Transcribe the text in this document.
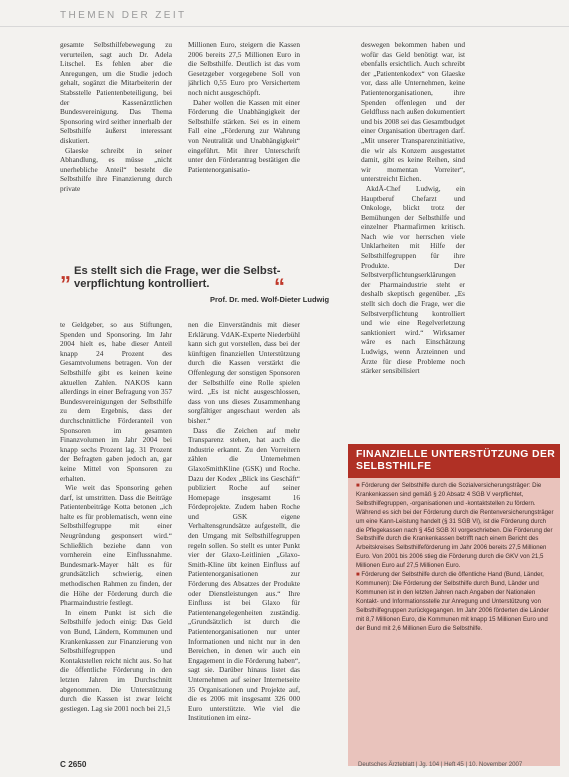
THEMEN DER ZEIT

gesamte Selbsthilfebewegung zu verurteilen, sagt auch Dr. Adela Litschel. Es fehlen aber die Anregungen, um die Studie jedoch gehalt, sogänzt die Mitarbeiterin der Stabsstelle Patientenbeteiligung, bei der Kassenärztlichen Bundesvereinigung. Das Thema Sponsoring wird seither innerhalb der Selbsthilfe äußerst interessant diskutiert.

Glaeske schreibt in seiner Abhandlung, es müsse „nicht unerhebliche Anteil“ besteht die Selbsthilfe ihre Finanzierung durch private

Millionen Euro, steigern die Kassen 2006 bereits 27,5 Millionen Euro in die Selbsthilfe. Deutlich ist das vom Gesetzgeber vorgegebene Soll von jährlich 0,55 Euro pro Versichertem noch nicht ausgeschöpft.

Daher wollen die Kassen mit einer Förderung die Unabhängigkeit der Selbsthilfe stärken. Sei es in einem Fall eine „Förderung zur Wahrung von Neutralität und Unabhängigkeit“ eingeführt. Mit ihrer Unterschrift unter den Förderantrag bestätigen die Patientenorganisatio-

deswegen bekommen haben und wofür das Geld benötigt war, ist ebenfalls ersichtlich. Auch schreibt der „Patientenkodex“ von Glaeske vor, dass alle Unternehmen, keine Patientenorganisationen, ihre Spenden offenlegen und der Geldfluss nach außen dokumentiert und bis 2008 sei das Gesamtbudget einer Organisation übertragen darf. „Mit unserer Transparenzinitiative, die wir als Konzern ausgestattet damit, gibt es keine Reihen, sind wir momentan Vorreiter“, unterstreicht Eichen.

AkdÄ-Chef Ludwig, ein Hauptberuf Chefarzt und Onkologe, blickt trotz der Bemühungen der Selbsthilfe und einzelner Pharmafirmen kritisch. Nach wie vor herrschen viele Unklarheiten mit Hilfe der Selbsthilfegruppen für ihre Produkte. Der Selbstverpflichtungserklärungen der Pharmaindustrie steht er deshalb skeptisch gegenüber. „Es stellt sich doch die Frage, wer die Selbstverpflichtung kontrolliert und wie eine Regelverletzung sanktioniert wird.“ Wirksamer wäre es nach Einschätzung Ludwigs, wenn Ärzteinnen und Ärzte für diese Probleme noch stärker sensibilisiert

„ Es stellt sich die Frage, wer die Selbst-verpflichtung kontrolliert.	“
Prof. Dr. med. Wolf-Dieter Ludwig

te Geldgeber, so aus Stiftungen, Spenden und Sponsoring. Im Jahr 2004 hielt es, habe dieser Anteil knapp 24 Prozent des Gesamtvolumens betragen. Von der Selbsthilfe gibt es keinen keine aktuellen Zahlen. NAKOS kann allerdings in einer Befragung von 357 Bundesvereinigungen der Selbsthilfe zu dem Ergebnis, dass der durchschnittliche Förderanteil von Sponsoren im gesamten Finanzvolumen im Jahr 2004 bei knapp sechs Prozent lag. 31 Prozent der Befragten gaben jedoch an, gar keine Mittel von Sponsoren zu erhalten.

Wie weit das Sponsoring gehen darf, ist umstritten. Dass die Beiträge Patientenbeiträge Kotta betonen „ich halte es für problematisch, wenn eine Selbsthilfegruppe mit einer Neugründung gesponsert wird.“ Schließlich beziehe dann von vornherein eine Einflussnahme. Bundesmark-Mayer hält es für grundsätzlich schwierig, einen methodischen Rahmen zu finden, der die Höhe der Förderung durch die Pharmaindustrie festlegt.

In einem Punkt ist sich die Selbsthilfe jedoch einig: Das Geld von Bund, Ländern, Kommunen und Krankenkassen zur Finanzierung von Selbsthilfegruppen und Kontaktstellen reicht nicht aus. So hat die öffentliche Förderung in den letzten Jahren im Durchschnitt abgenommen. Die Unterstützung durch die Kassen ist zwar leicht gestiegen. Lag sie 2001 noch bei 21,5

nen die Einverständnis mit dieser Erklärung. VdAK-Experte Niederbühl kann sich gut vorstellen, dass bei der künftigen finanziellen Unterstützung durch die Kassen verstärkt die Offenlegung der sonstigen Sponsoren der Selbsthilfe eine Rolle spielen wird. „Es ist nicht ausgeschlossen, dass von uns dieses Zusammenhang sorgfältiger angeschaut werden als bisher.“

Dass die Zeichen auf mehr Transparenz stehen, hat auch die Industrie erkannt. Zu den Vorreitern zählen die Unternehmen GlaxoSmithKline (GSK) und Roche. Dazu der Kodex „Blick ins Geschäft“ publiziert Roche auf seiner Homepage insgesamt 16 Fördeprojekte. Zudem haben Roche und GSK eigene Verhaltensgrundsätze aufgestellt, die den Umgang mit Selbsthilfegruppen regeln sollen. So stellt es unter Punkt vier der Glaxo-Leitlinien „Glaxo-Smith-Kline übt keinen Einfluss auf Patientenorganisationen zur Förderung des Absatzes der Produkte oder Dienstleistungen aus.“ Ihre Einfluss ist bei Glaxo für Patientenangelegenheiten zuständig. „Grundsätzlich ist durch die Patientenorganisationen nur unter Informationen und nicht nur in den Bereichen, in denen wir auch ein Engagement in die Förderung haben“, sagt sie. Darüber hinaus listet das Unternehmen auf seiner Internetseite 35 Organisationen und Projekte auf, die es 2006 mit insgesamt 326 000 Euro unterstützte. Wie viel die Institutionen im einz-

FINANZIELLE UNTERSTÜTZUNG DER SELBSTHILFE

■ Förderung der Selbsthilfe durch die Sozialversicherungsträger: Die Krankenkassen sind gemäß § 20 Absatz 4 SGB V verpflichtet, Selbsthilfegruppen, -organisationen und -kontaktstellen zu fördern. Während es sich bei der Förderung durch die Rentenversicherungsträger um eine Kann-Leistung handelt (§ 31 SGB VI), ist die Förderung durch die Pflegekassen nach § 45d SGB XI vorgeschrieben. Die Förderung der Selbsthilfe durch die Krankenkassen betrifft nach einem Bericht des Arbeitskreises Selbsthilfeförderung im Jahr 2006 bereits 27,5 Millionen Euro. Von 2001 bis 2006 stieg die Förderung durch die GKV von 21,5 Millionen Euro auf 27,5 Millionen Euro.

■ Förderung der Selbsthilfe durch die öffentliche Hand (Bund, Länder, Kommunen): Die Förderung der Selbsthilfe durch Bund, Länder und Kommunen ist in den letzten Jahren nach Angaben der Nationalen Kontakt- und Informationsstelle zur Anregung und Unterstützung von Selbsthilfegruppen zurückgegangen. Im Jahr 2006 förderten die Länder mit 8,7 Millionen Euro, die Kommunen mit knapp 15 Millionen Euro und der Bund mit 2,6 Millionen Euro die Selbsthilfe.

C 2650	Deutsches Ärzteblatt | Jg. 104 | Heft 45 | 10. November 2007
